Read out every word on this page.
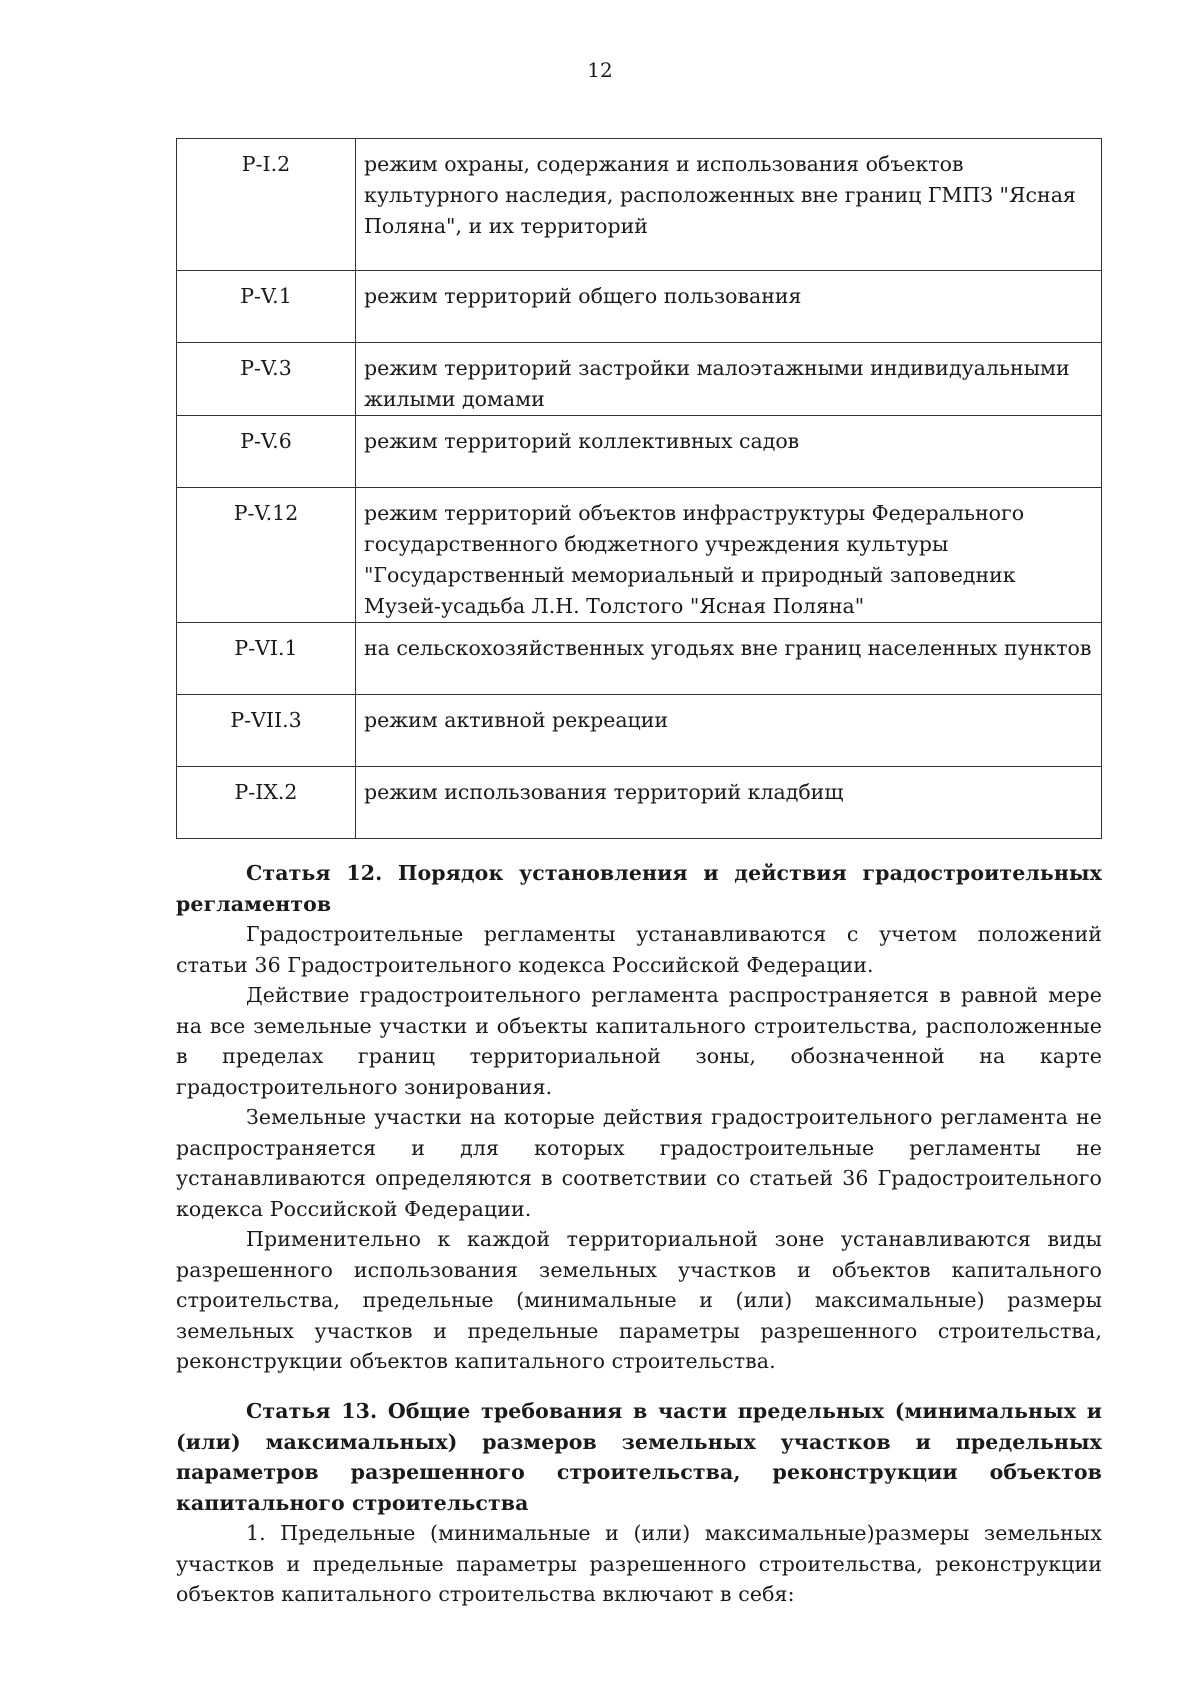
12
Р-I.2	режим охраны, содержания и использования объектов культурного наследия, расположенных вне границ ГМПЗ "Ясная Поляна", и их территорий
Р-V.1	режим территорий общего пользования
Р-V.3	режим территорий застройки малоэтажными индивидуальными жилыми домами
Р-V.6	режим территорий коллективных садов
Р-V.12	режим территорий объектов инфраструктуры Федерального государственного бюджетного учреждения культуры "Государственный мемориальный и природный заповедник Музей-усадьба Л.Н. Толстого "Ясная Поляна"
Р-VI.1	на сельскохозяйственных угодьях вне границ населенных пунктов
Р-VII.3	режим активной рекреации
Р-IX.2	режим использования территорий кладбищ
Статья 12. Порядок установления и действия градостроительных регламентов

Градостроительные регламенты устанавливаются с учетом положений статьи 36 Градостроительного кодекса Российской Федерации.

Действие градостроительного регламента распространяется в равной мере на все земельные участки и объекты капитального строительства, расположенные в пределах границ территориальной зоны, обозначенной на карте градостроительного зонирования.

Земельные участки на которые действия градостроительного регламента не распространяется и для которых градостроительные регламенты не устанавливаются определяются в соответствии со статьей 36 Градостроительного кодекса Российской Федерации.

Применительно к каждой территориальной зоне устанавливаются виды разрешенного использования земельных участков и объектов капитального строительства, предельные (минимальные и (или) максимальные) размеры земельных участков и предельные параметры разрешенного строительства, реконструкции объектов капитального строительства.

Статья 13. Общие требования в части предельных (минимальных и (или) максимальных) размеров земельных участков и предельных параметров разрешенного строительства, реконструкции объектов капитального строительства

1. Предельные (минимальные и (или) максимальные)размеры земельных участков и предельные параметры разрешенного строительства, реконструкции объектов капитального строительства включают в себя:
